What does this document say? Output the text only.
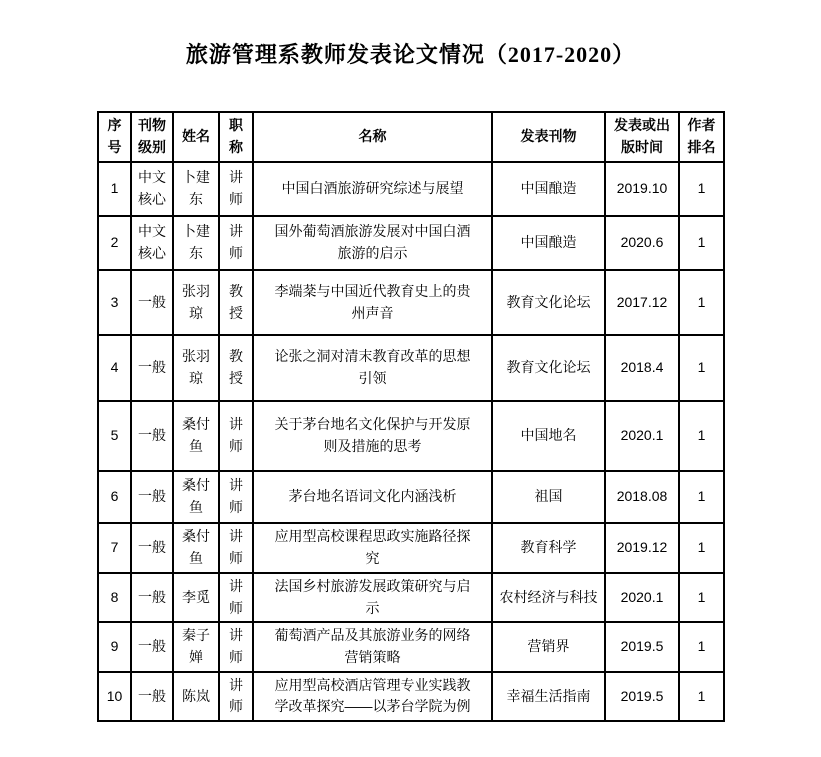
旅游管理系教师发表论文情况（2017-2020）
序
号	刊物
级别	姓名	职
称	名称	发表刊物	发表或出
版时间	作者
排名
1	中文
核心	卜建东	讲
师	中国白酒旅游研究综述与展望	中国酿造	2019.10	1
2	中文
核心	卜建东	讲
师	国外葡萄酒旅游发展对中国白酒
旅游的启示	中国酿造	2020.6	1
3	一般	张羽琼	教
授	李端棻与中国近代教育史上的贵
州声音	教育文化论坛	2017.12	1
4	一般	张羽琼	教
授	论张之洞对清末教育改革的思想
引领	教育文化论坛	2018.4	1
5	一般	桑付鱼	讲
师	关于茅台地名文化保护与开发原
则及措施的思考	中国地名	2020.1	1
6	一般	桑付鱼	讲
师	茅台地名语词文化内涵浅析	祖国	2018.08	1
7	一般	桑付鱼	讲
师	应用型高校课程思政实施路径探
究	教育科学	2019.12	1
8	一般	李觅	讲
师	法国乡村旅游发展政策研究与启
示	农村经济与科技	2020.1	1
9	一般	秦子婵	讲
师	葡萄酒产品及其旅游业务的网络
营销策略	营销界	2019.5	1
10	一般	陈岚	讲
师	应用型高校酒店管理专业实践教
学改革探究——以茅台学院为例	幸福生活指南	2019.5	1
